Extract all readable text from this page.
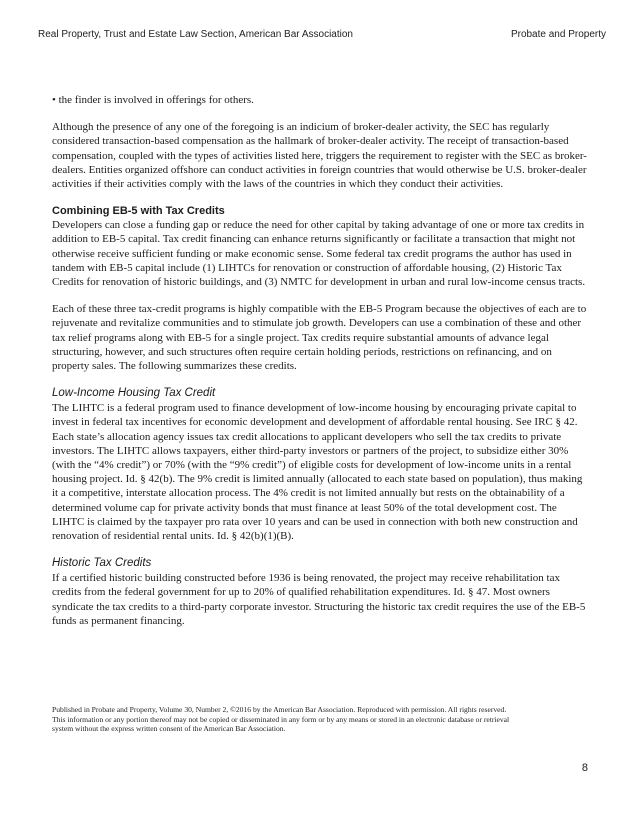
Real Property, Trust and Estate Law Section, American Bar Association	Probate and Property

• the finder is involved in offerings for others.

Although the presence of any one of the foregoing is an indicium of broker-dealer activity, the SEC has regularly considered transaction-based compensation as the hallmark of broker-dealer activity. The receipt of transaction-based compensation, coupled with the types of activities listed here, triggers the requirement to register with the SEC as broker-dealers. Entities organized offshore can conduct activities in foreign countries that would otherwise be U.S. broker-dealer activities if their activities comply with the laws of the countries in which they conduct their activities.

Combining EB-5 with Tax Credits

Developers can close a funding gap or reduce the need for other capital by taking advantage of one or more tax credits in addition to EB-5 capital. Tax credit financing can enhance returns significantly or facilitate a transaction that might not otherwise receive sufficient funding or make economic sense. Some federal tax credit programs the author has used in tandem with EB-5 capital include (1) LIHTCs for renovation or construction of affordable housing, (2) Historic Tax Credits for renovation of historic buildings, and (3) NMTC for development in urban and rural low-income census tracts.

Each of these three tax-credit programs is highly compatible with the EB-5 Program because the objectives of each are to rejuvenate and revitalize communities and to stimulate job growth. Developers can use a combination of these and other tax relief programs along with EB-5 for a single project. Tax credits require substantial amounts of advance legal structuring, however, and such structures often require certain holding periods, restrictions on refinancing, and on property sales. The following summarizes these credits.

Low-Income Housing Tax Credit

The LIHTC is a federal program used to finance development of low-income housing by encouraging private capital to invest in federal tax incentives for economic development and development of affordable rental housing. See IRC § 42. Each state’s allocation agency issues tax credit allocations to applicant developers who sell the tax credits to private investors. The LIHTC allows taxpayers, either third-party investors or partners of the project, to subsidize either 30% (with the “4% credit”) or 70% (with the “9% credit”) of eligible costs for development of low-income units in a rental housing project. Id. § 42(b). The 9% credit is limited annually (allocated to each state based on population), thus making it a competitive, interstate allocation process. The 4% credit is not limited annually but rests on the obtainability of a determined volume cap for private activity bonds that must finance at least 50% of the total development cost. The LIHTC is claimed by the taxpayer pro rata over 10 years and can be used in connection with both new construction and renovation of residential rental units. Id. § 42(b)(1)(B).

Historic Tax Credits

If a certified historic building constructed before 1936 is being renovated, the project may receive rehabilitation tax credits from the federal government for up to 20% of qualified rehabilitation expenditures. Id. § 47. Most owners syndicate the tax credits to a third-party corporate investor. Structuring the historic tax credit requires the use of the EB-5 funds as permanent financing.

Published in Probate and Property, Volume 30, Number 2, ©2016 by the American Bar Association. Reproduced with permission. All rights reserved. This information or any portion thereof may not be copied or disseminated in any form or by any means or stored in an electronic database or retrieval system without the express written consent of the American Bar Association.
8
